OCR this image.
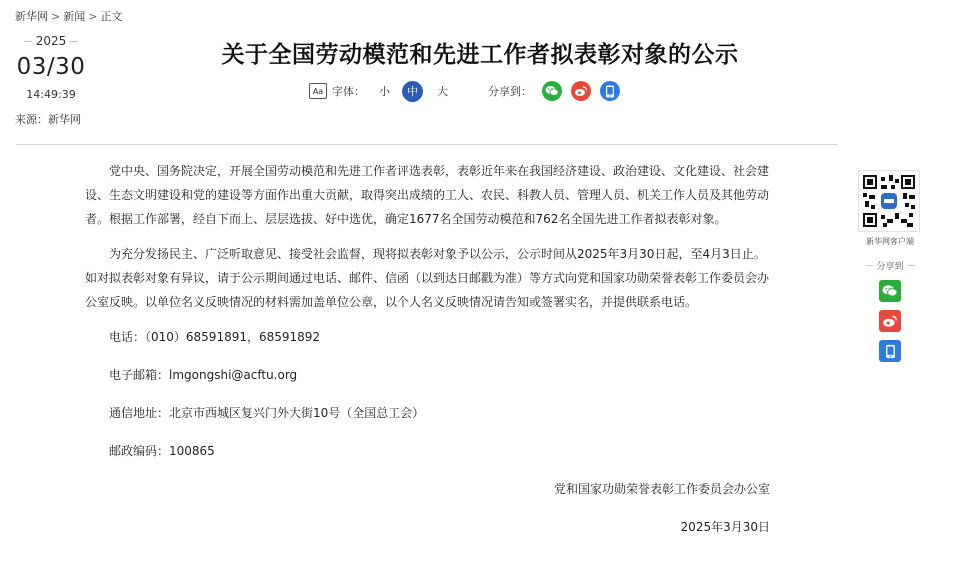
新华网 > 新闻 > 正文
2025
03/30
14:49:39
来源：新华网
关于全国劳动模范和先进工作者拟表彰对象的公示
Aa 字体： 小	中	大	分享到：

党中央、国务院决定，开展全国劳动模范和先进工作者评选表彰，表彰近年来在我国经济建设、政治建设、文化建设、社会建设、生态文明建设和党的建设等方面作出重大贡献，取得突出成绩的工人、农民、科教人员、管理人员、机关工作人员及其他劳动者。根据工作部署，经自下而上、层层选拔、好中选优，确定1677名全国劳动模范和762名全国先进工作者拟表彰对象。

为充分发扬民主、广泛听取意见、接受社会监督，现将拟表彰对象予以公示，公示时间从2025年3月30日起，至4月3日止。如对拟表彰对象有异议，请于公示期间通过电话、邮件、信函（以到达日邮戳为准）等方式向党和国家功勋荣誉表彰工作委员会办公室反映。以单位名义反映情况的材料需加盖单位公章，以个人名义反映情况请告知或签署实名，并提供联系电话。

电话：（010）68591891，68591892

电子邮箱：lmgongshi@acftu.org

通信地址：北京市西城区复兴门外大街10号（全国总工会）

邮政编码：100865

党和国家功勋荣誉表彰工作委员会办公室

2025年3月30日

新华网客户端
分享到
